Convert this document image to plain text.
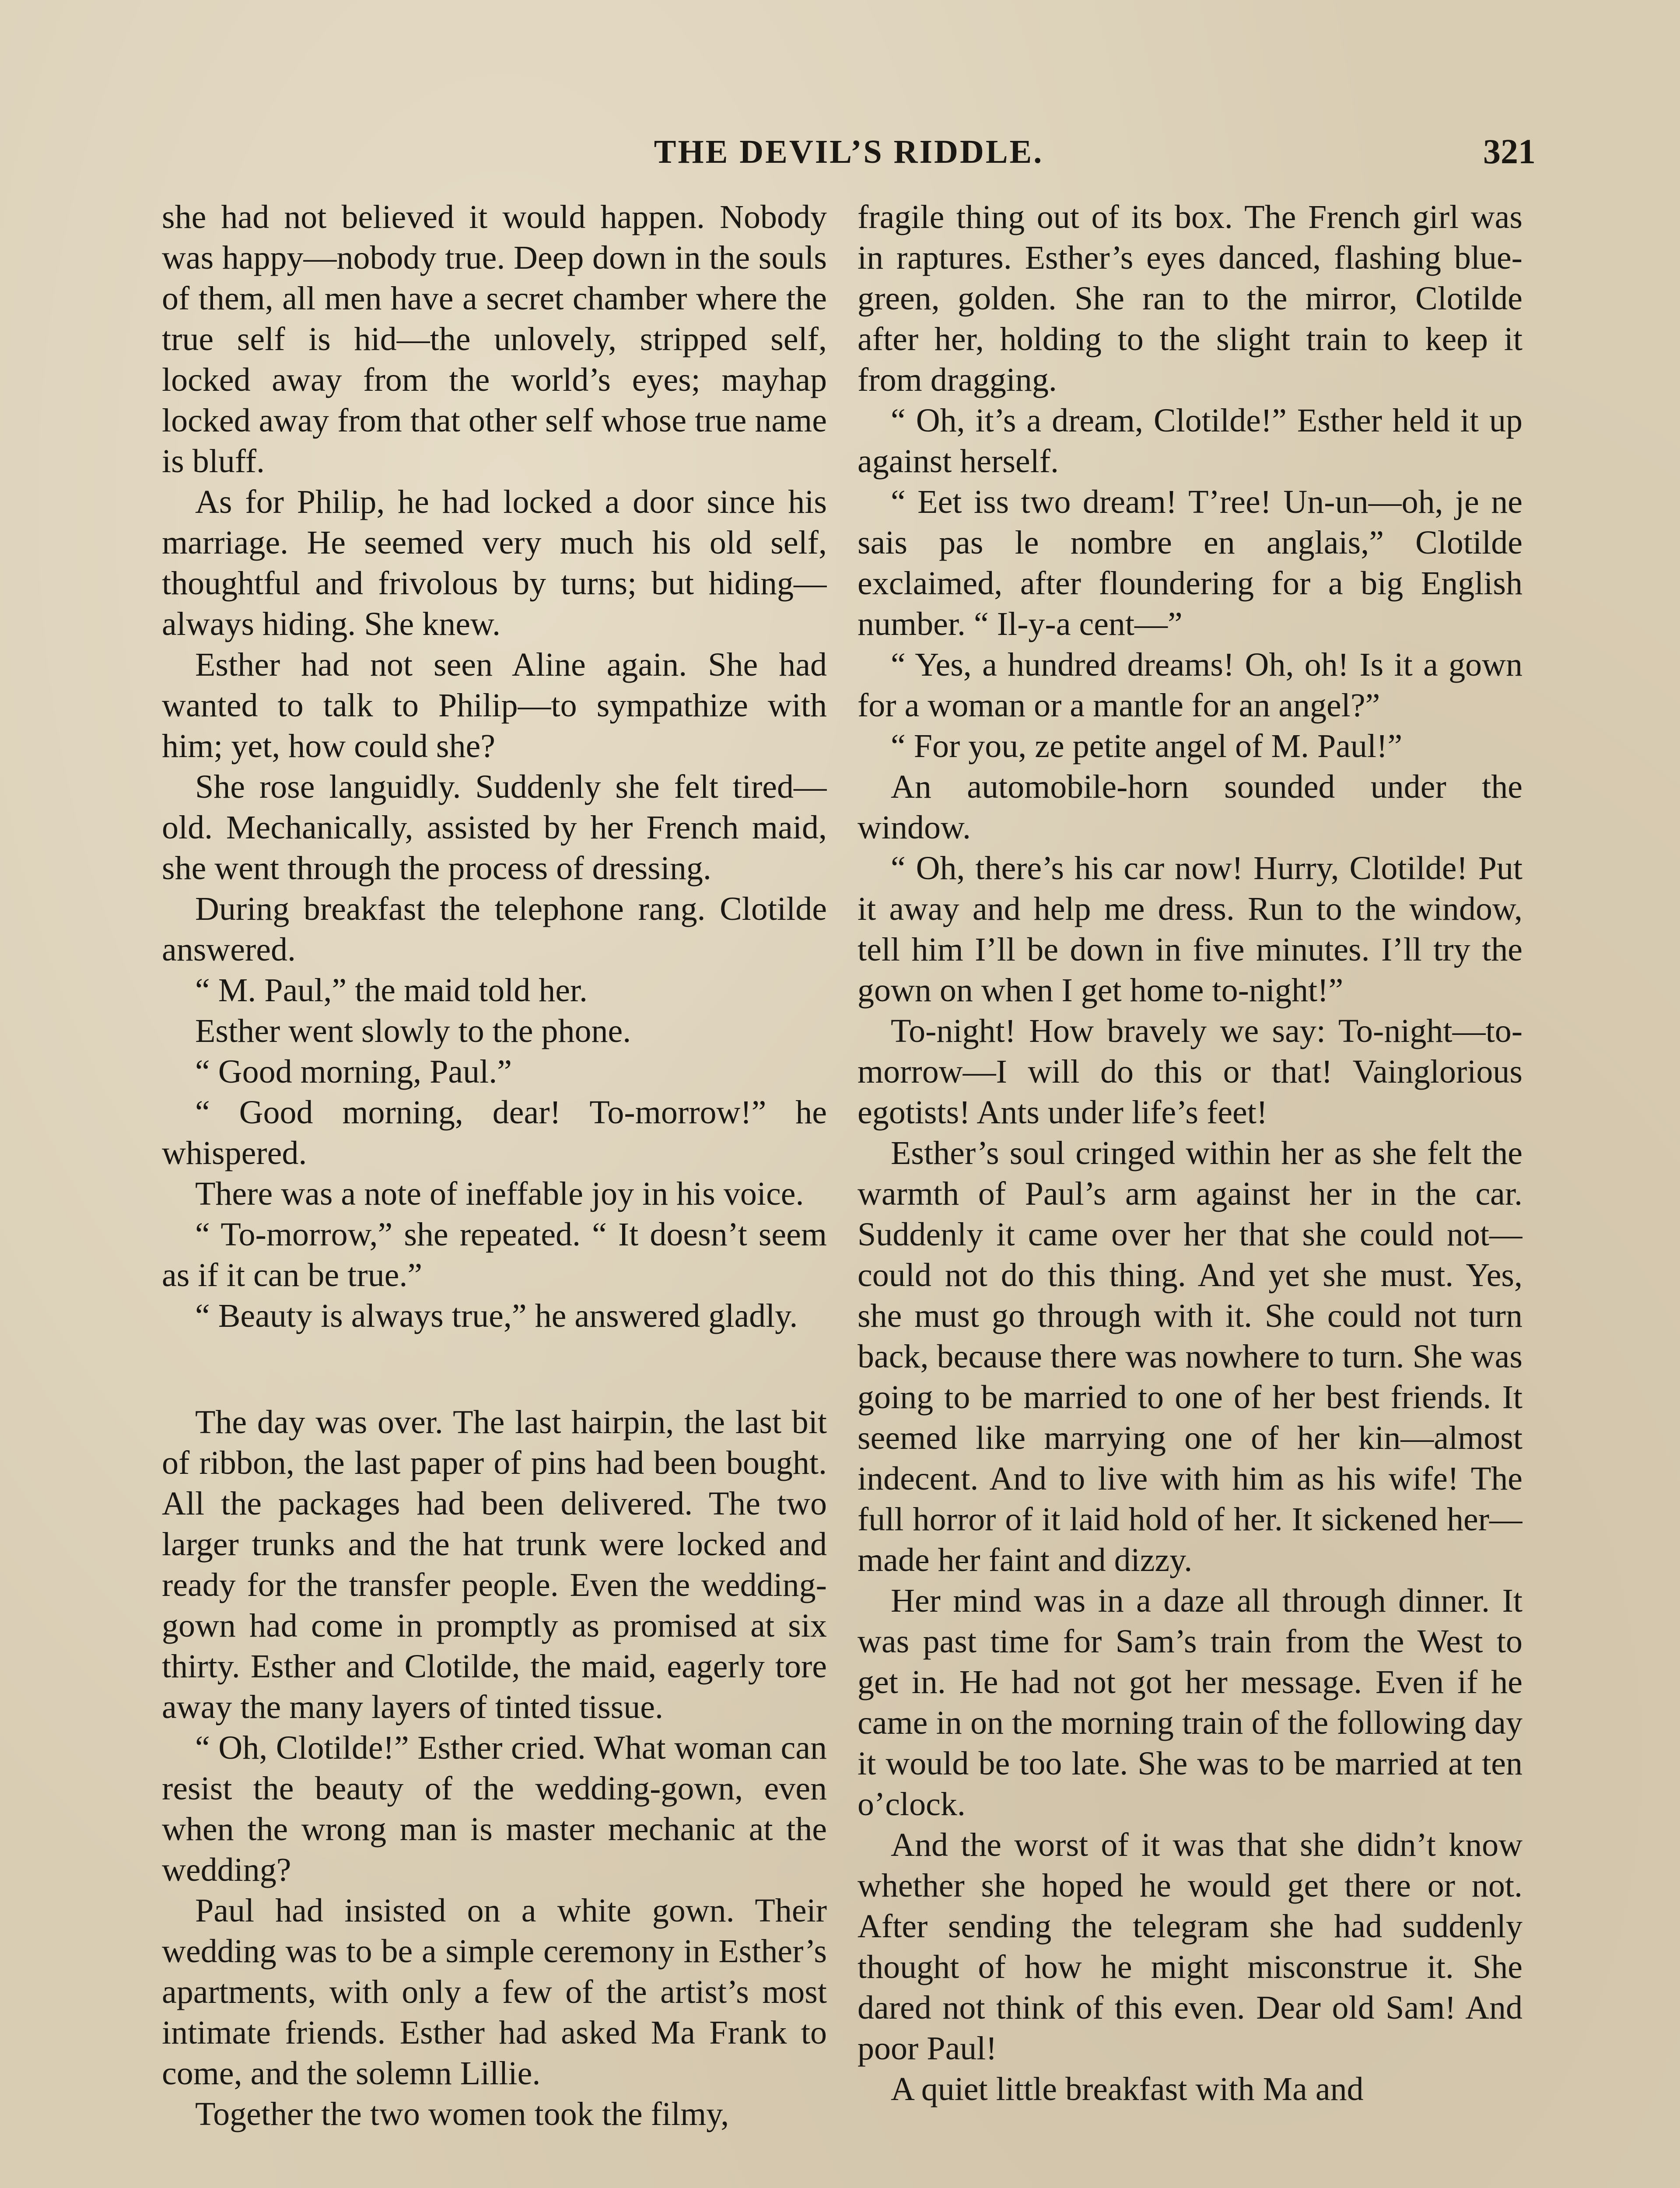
THE DEVIL’S RIDDLE.	321

she had not believed it would happen. Nobody was happy—nobody true. Deep down in the souls of them, all men have a secret chamber where the true self is hid—the unlovely, stripped self, locked away from the world’s eyes; mayhap locked away from that other self whose true name is bluff.

As for Philip, he had locked a door since his marriage. He seemed very much his old self, thoughtful and frivolous by turns; but hiding—always hiding. She knew.

Esther had not seen Aline again. She had wanted to talk to Philip—to sympathize with him; yet, how could she?

She rose languidly. Suddenly she felt tired—old. Mechanically, assisted by her French maid, she went through the process of dressing.

During breakfast the telephone rang. Clotilde answered.

“ M. Paul,” the maid told her.

Esther went slowly to the phone.

“ Good morning, Paul.”

“ Good morning, dear! To-morrow!” he whispered.

There was a note of ineffable joy in his voice.

“ To-morrow,” she repeated. “ It doesn’t seem as if it can be true.”

“ Beauty is always true,” he answered gladly.

The day was over. The last hairpin, the last bit of ribbon, the last paper of pins had been bought. All the packages had been delivered. The two larger trunks and the hat trunk were locked and ready for the transfer people. Even the wedding-gown had come in promptly as promised at six thirty. Esther and Clotilde, the maid, eagerly tore away the many layers of tinted tissue.

“ Oh, Clotilde!” Esther cried. What woman can resist the beauty of the wedding-gown, even when the wrong man is master mechanic at the wedding?

Paul had insisted on a white gown. Their wedding was to be a simple ceremony in Esther’s apartments, with only a few of the artist’s most intimate friends. Esther had asked Ma Frank to come, and the solemn Lillie.

Together the two women took the filmy,

fragile thing out of its box. The French girl was in raptures. Esther’s eyes danced, flashing blue-green, golden. She ran to the mirror, Clotilde after her, holding to the slight train to keep it from dragging.

“ Oh, it’s a dream, Clotilde!” Esther held it up against herself.

“ Eet iss two dream! T’ree! Un-un—oh, je ne sais pas le nombre en anglais,” Clotilde exclaimed, after floundering for a big English number. “ Il-y-a cent—”

“ Yes, a hundred dreams! Oh, oh! Is it a gown for a woman or a mantle for an angel?”

“ For you, ze petite angel of M. Paul!”

An automobile-horn sounded under the window.

“ Oh, there’s his car now! Hurry, Clotilde! Put it away and help me dress. Run to the window, tell him I’ll be down in five minutes. I’ll try the gown on when I get home to-night!”

To-night! How bravely we say: To-night—to-morrow—I will do this or that! Vainglorious egotists! Ants under life’s feet!

Esther’s soul cringed within her as she felt the warmth of Paul’s arm against her in the car. Suddenly it came over her that she could not—could not do this thing. And yet she must. Yes, she must go through with it. She could not turn back, because there was nowhere to turn. She was going to be married to one of her best friends. It seemed like marrying one of her kin—almost indecent. And to live with him as his wife! The full horror of it laid hold of her. It sickened her—made her faint and dizzy.

Her mind was in a daze all through dinner. It was past time for Sam’s train from the West to get in. He had not got her message. Even if he came in on the morning train of the following day it would be too late. She was to be married at ten o’clock.

And the worst of it was that she didn’t know whether she hoped he would get there or not. After sending the telegram she had suddenly thought of how he might misconstrue it. She dared not think of this even. Dear old Sam! And poor Paul!

A quiet little breakfast with Ma and
